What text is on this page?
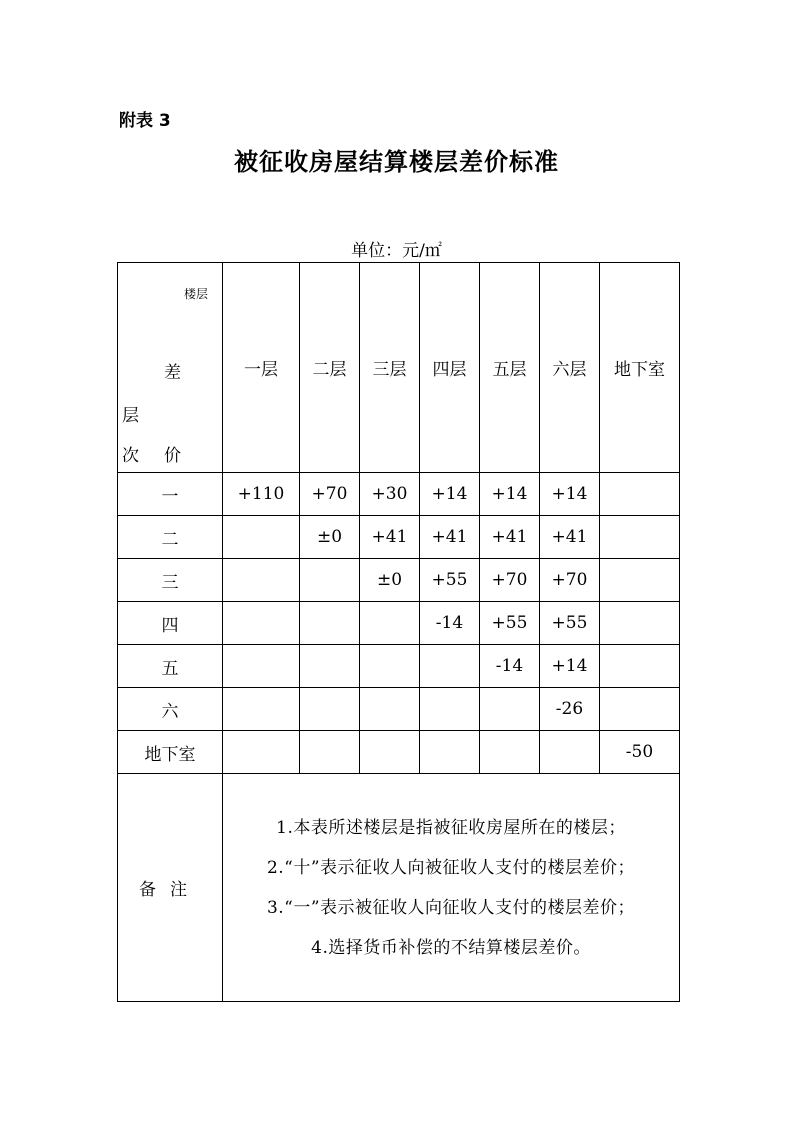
附表 3
被征收房屋结算楼层差价标准
单位：元/㎡
楼层
差
层
次 价	一层	二层	三层	四层	五层	六层	地下室
一	+110	+70	+30	+14	+14	+14	
二		±0	+41	+41	+41	+41	
三			±0	+55	+70	+70	
四				-14	+55	+55	
五					-14	+14	
六						-26	
地下室							-50
备注	1.本表所述楼层是指被征收房屋所在的楼层；
2.“十”表示征收人向被征收人支付的楼层差价；
3.“一”表示被征收人向征收人支付的楼层差价；
4.选择货币补偿的不结算楼层差价。						
